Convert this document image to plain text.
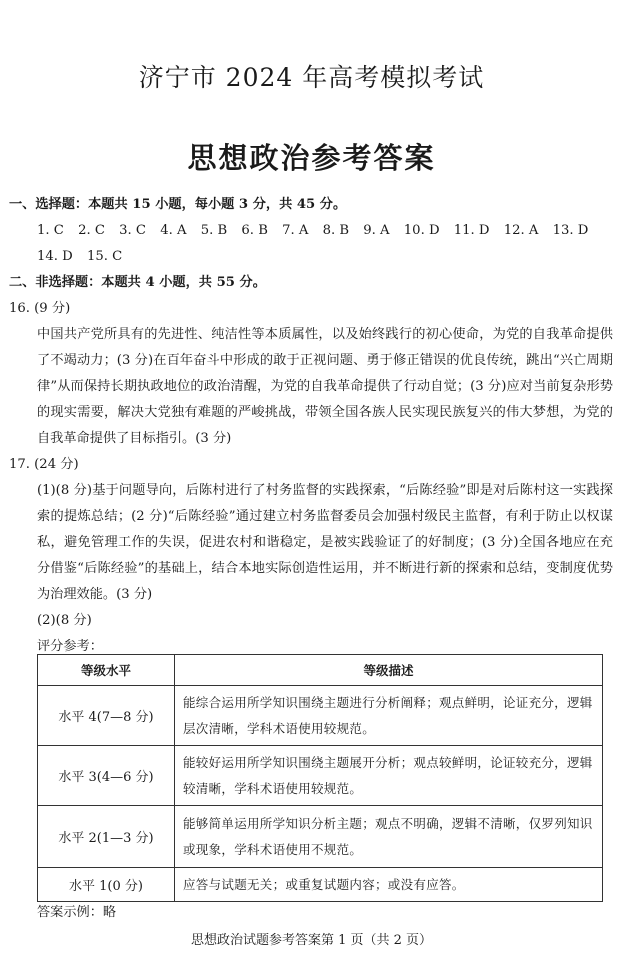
济宁市 2024 年高考模拟考试
思想政治参考答案

一、选择题：本题共 15 小题，每小题 3 分，共 45 分。

1. C 2. C 3. C 4. A 5. B 6. B 7. A 8. B 9. A 10. D 11. D 12. A 13. D

14. D 15. C

二、非选择题：本题共 4 小题，共 55 分。

16. (9 分)

中国共产党所具有的先进性、纯洁性等本质属性，以及始终践行的初心使命，为党的自我革命提供了不竭动力；(3 分)在百年奋斗中形成的敢于正视问题、勇于修正错误的优良传统，跳出“兴亡周期律”从而保持长期执政地位的政治清醒，为党的自我革命提供了行动自觉；(3 分)应对当前复杂形势的现实需要，解决大党独有难题的严峻挑战，带领全国各族人民实现民族复兴的伟大梦想，为党的自我革命提供了目标指引。(3 分)

17. (24 分)

(1)(8 分)基于问题导向，后陈村进行了村务监督的实践探索，“后陈经验”即是对后陈村这一实践探索的提炼总结；(2 分)“后陈经验”通过建立村务监督委员会加强村级民主监督，有利于防止以权谋私，避免管理工作的失误，促进农村和谐稳定，是被实践验证了的好制度；(3 分)全国各地应在充分借鉴“后陈经验”的基础上，结合本地实际创造性运用，并不断进行新的探索和总结，变制度优势为治理效能。(3 分)

(2)(8 分)

评分参考：

等级水平	等级描述
水平 4(7—8 分)	能综合运用所学知识围绕主题进行分析阐释；观点鲜明，论证充分，逻辑层次清晰，学科术语使用较规范。
水平 3(4—6 分)	能较好运用所学知识围绕主题展开分析；观点较鲜明，论证较充分，逻辑较清晰，学科术语使用较规范。
水平 2(1—3 分)	能够简单运用所学知识分析主题；观点不明确，逻辑不清晰，仅罗列知识或现象，学科术语使用不规范。
水平 1(0 分)	应答与试题无关；或重复试题内容；或没有应答。
答案示例：略
思想政治试题参考答案第 1 页（共 2 页）
